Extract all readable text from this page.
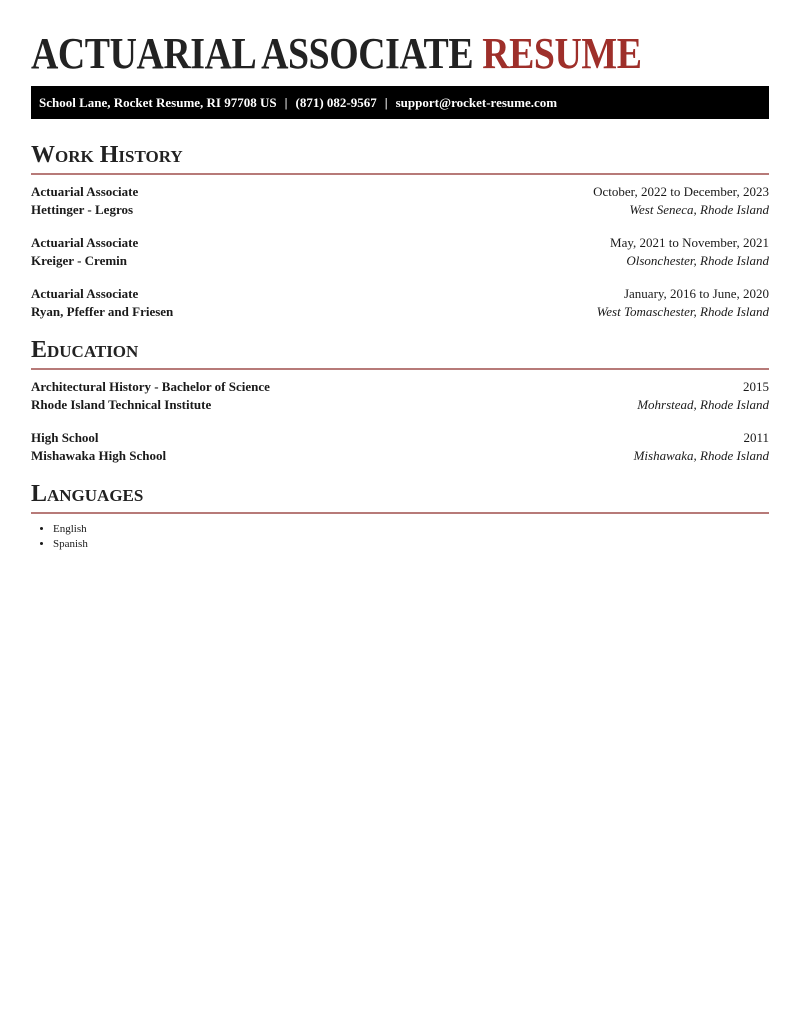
ACTUARIAL ASSOCIATE RESUME
School Lane, Rocket Resume, RI 97708 US | (871) 082-9567 | support@rocket-resume.com
Work History
Actuarial Associate	October, 2022 to December, 2023
Hettinger - Legros	West Seneca, Rhode Island
Actuarial Associate	May, 2021 to November, 2021
Kreiger - Cremin	Olsonchester, Rhode Island
Actuarial Associate	January, 2016 to June, 2020
Ryan, Pfeffer and Friesen	West Tomaschester, Rhode Island
Education
Architectural History - Bachelor of Science	2015
Rhode Island Technical Institute	Mohrstead, Rhode Island
High School	2011
Mishawaka High School	Mishawaka, Rhode Island
Languages
• English
• Spanish
